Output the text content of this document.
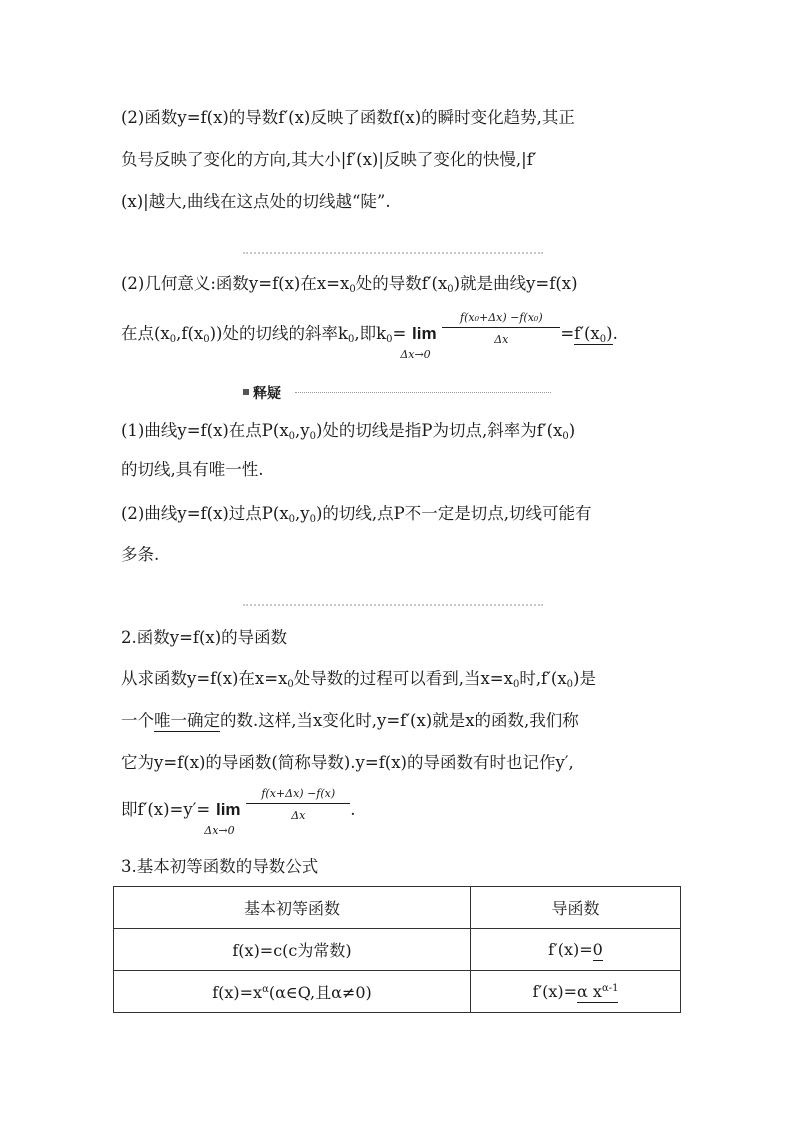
(2)函数y=f(x)的导数f′(x)反映了函数f(x)的瞬时变化趋势,其正
负号反映了变化的方向,其大小|f′(x)|反映了变化的快慢,|f′
(x)|越大,曲线在这点处的切线越“陡”.
(2)几何意义:函数y=f(x)在$x=x_0$处的导数$f'(x_0)$就是曲线y=f(x)
在点$(x_0,f(x_0))$处的切线的斜率$k_0$,即$k_0= \lim$
Δx→0
$\frac{\text{f(x₀+Δx) −f(x₀)}}{\Delta x}$
$=f'(x_0)$.
释疑
(1)曲线y=f(x)在点$P(x_0,y_0)$处的切线是指P为切点,斜率为$f'(x_0)$
的切线,具有唯一性.
(2)曲线y=f(x)过点$P(x_0,y_0)$的切线,点P不一定是切点,切线可能有
多条.
2.函数y=f(x)的导函数
从求函数y=f(x)在$x=x_0$处导数的过程可以看到,当$x=x_0$时$,f'(x_0)$是
一个唯一确定的数.这样,当x变化时,y=f′(x)就是x的函数,我们称
它为y=f(x)的导函数(简称导数).y=f(x)的导函数有时也记作y′,
即f′(x)=y′= lim
Δx→0
$\frac{f(x+\Delta x) -f(x)}{\Delta x}$
.
3.基本初等函数的导数公式
基本初等函数	导函数
f(x)=c(c为常数)	f′(x)=0
$f(x)=x^\alpha(\alpha\in Q$,且α≠0)	f′(x)=α $x^{\alpha-1}$
